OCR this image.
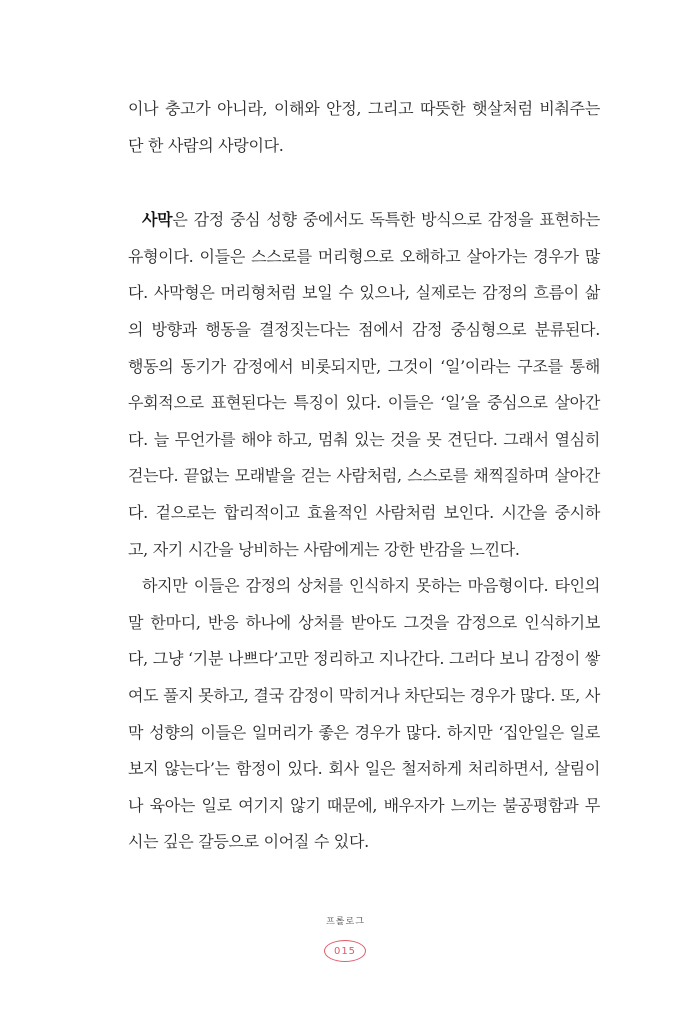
이나 충고가 아니라, 이해와 안정, 그리고 따뜻한 햇살처럼 비춰주는
단 한 사람의 사랑이다.
사막은 감정 중심 성향 중에서도 독특한 방식으로 감정을 표현하는
유형이다. 이들은 스스로를 머리형으로 오해하고 살아가는 경우가 많
다. 사막형은 머리형처럼 보일 수 있으나, 실제로는 감정의 흐름이 삶
의 방향과 행동을 결정짓는다는 점에서 감정 중심형으로 분류된다.
행동의 동기가 감정에서 비롯되지만, 그것이 ‘일’이라는 구조를 통해
우회적으로 표현된다는 특징이 있다. 이들은 ‘일’을 중심으로 살아간
다. 늘 무언가를 해야 하고, 멈춰 있는 것을 못 견딘다. 그래서 열심히
걷는다. 끝없는 모래밭을 걷는 사람처럼, 스스로를 채찍질하며 살아간
다. 겉으로는 합리적이고 효율적인 사람처럼 보인다. 시간을 중시하
고, 자기 시간을 낭비하는 사람에게는 강한 반감을 느낀다.
하지만 이들은 감정의 상처를 인식하지 못하는 마음형이다. 타인의
말 한마디, 반응 하나에 상처를 받아도 그것을 감정으로 인식하기보
다, 그냥 ‘기분 나쁘다’고만 정리하고 지나간다. 그러다 보니 감정이 쌓
여도 풀지 못하고, 결국 감정이 막히거나 차단되는 경우가 많다. 또, 사
막 성향의 이들은 일머리가 좋은 경우가 많다. 하지만 ‘집안일은 일로
보지 않는다’는 함정이 있다. 회사 일은 철저하게 처리하면서, 살림이
나 육아는 일로 여기지 않기 때문에, 배우자가 느끼는 불공평함과 무
시는 깊은 갈등으로 이어질 수 있다.
프롤로그
015
